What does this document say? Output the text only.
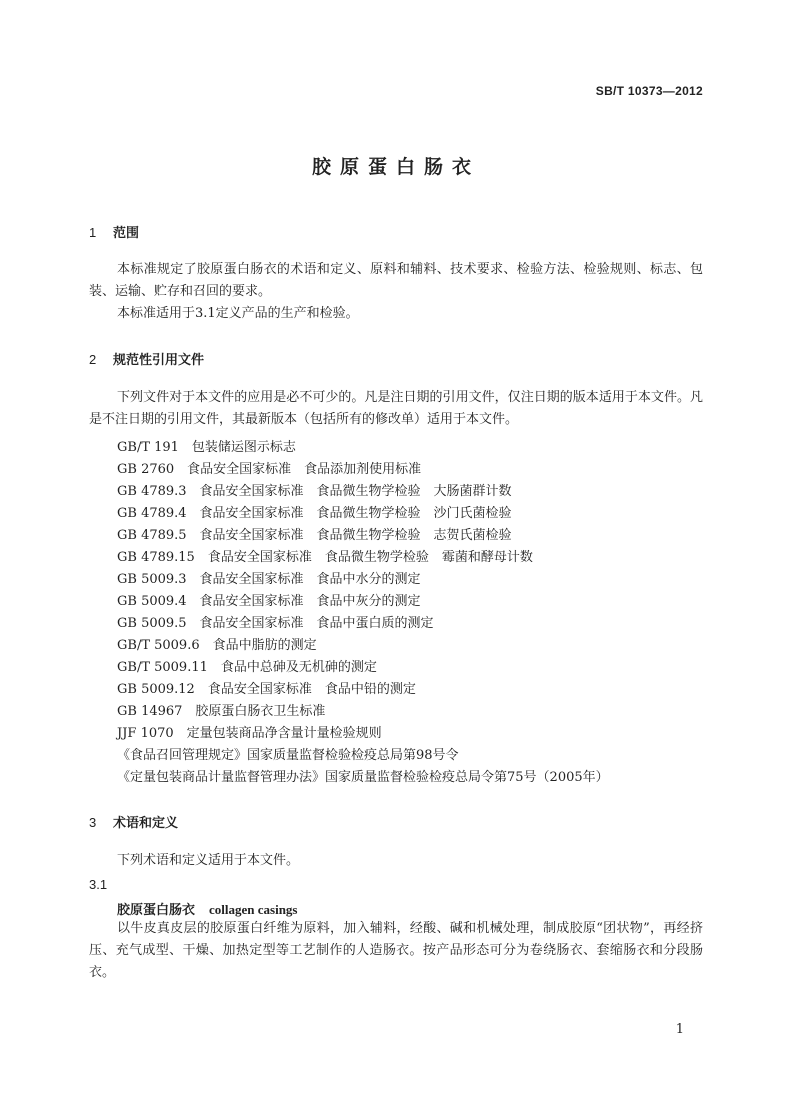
SB/T 10373—2012
胶原蛋白肠衣
1 范围
本标准规定了胶原蛋白肠衣的术语和定义、原料和辅料、技术要求、检验方法、检验规则、标志、包装、运输、贮存和召回的要求。
本标准适用于3.1定义产品的生产和检验。
2 规范性引用文件
下列文件对于本文件的应用是必不可少的。凡是注日期的引用文件，仅注日期的版本适用于本文件。凡是不注日期的引用文件，其最新版本（包括所有的修改单）适用于本文件。
GB/T 191　包装储运图示标志
GB 2760　食品安全国家标准　食品添加剂使用标准
GB 4789.3　食品安全国家标准　食品微生物学检验　大肠菌群计数
GB 4789.4　食品安全国家标准　食品微生物学检验　沙门氏菌检验
GB 4789.5　食品安全国家标准　食品微生物学检验　志贺氏菌检验
GB 4789.15　食品安全国家标准　食品微生物学检验　霉菌和酵母计数
GB 5009.3　食品安全国家标准　食品中水分的测定
GB 5009.4　食品安全国家标准　食品中灰分的测定
GB 5009.5　食品安全国家标准　食品中蛋白质的测定
GB/T 5009.6　食品中脂肪的测定
GB/T 5009.11　食品中总砷及无机砷的测定
GB 5009.12　食品安全国家标准　食品中铅的测定
GB 14967　胶原蛋白肠衣卫生标准
JJF 1070　定量包装商品净含量计量检验规则
《食品召回管理规定》国家质量监督检验检疫总局第98号令
《定量包装商品计量监督管理办法》国家质量监督检验检疫总局令第75号（2005年）
3 术语和定义
下列术语和定义适用于本文件。
3.1
胶原蛋白肠衣 collagen casings
以牛皮真皮层的胶原蛋白纤维为原料，加入辅料，经酸、碱和机械处理，制成胶原“团状物”，再经挤压、充气成型、干燥、加热定型等工艺制作的人造肠衣。按产品形态可分为卷绕肠衣、套缩肠衣和分段肠衣。
1
